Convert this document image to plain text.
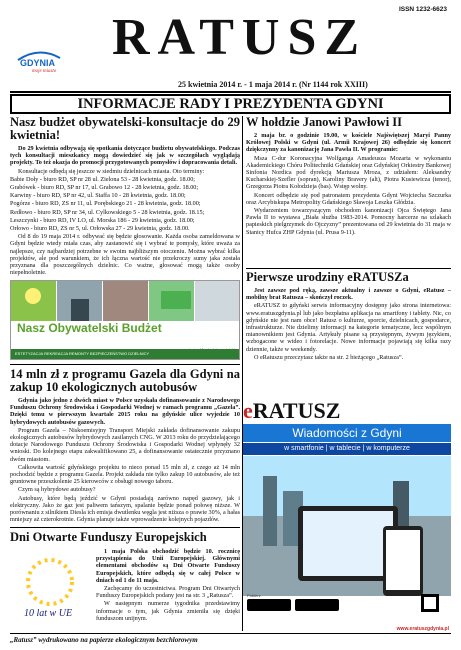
ISSN 1232-6623
GDYNIA
moje miasto
RATUSZ
25 kwietnia 2014 r. - 1 maja 2014 r. (Nr 1144 rok XXIII)
INFORMACJE RADY I PREZYDENTA GDYNI
Nasz budżet obywatelski-konsultacje do 29 kwietnia!

Do 29 kwietnia odbywają się spotkania dotyczące budżetu obywatelskiego. Podczas tych konsultacji mieszkańcy mogą dowiedzieć się jak w szczegółach wyglądają projekty. To też okazja do promocji przygotowanych pomysłów i dopracowania detali.

Konsultacje odbędą się jeszcze w siedmiu dzielnicach miasta. Oto terminy:

Babie Doły - biuro RD, SP nr 28 ul. Zielona 53 - 28 kwietnia, godz. 18.00;

Grabówek - biuro RD, SP nr 17, ul. Grabowo 12 - 28 kwietnia, godz. 18.00;

Karwiny - biuro RD, SP nr 42, ul. Staffa 10 - 28 kwietnia, godz. 18.00;

Pogórze - biuro RD, ZS nr 11, ul. Porębskiego 21 - 28 kwietnia, godz. 18.00;

Redłowo - biuro RD, SP nr 34, ul. Cylkowskiego 5 - 28 kwietnia, godz. 18.15;

Leszczynki - biuro RD, IV LO, ul. Morska 186 - 29 kwietnia, godz. 18.00;

Orłowo - biuro RD, ZS nr 5, ul. Orłowska 27 - 29 kwietnia, godz. 18.00.

Od 8 do 19 maja 2014 r. odbywać się będzie głosowanie. Każda osoba zameldowana w Gdyni będzie wtedy miała czas, aby zastanowić się i wybrać te pomysły, które uważa za najlepsze, czy najbardziej potrzebne w swoim najbliższym otoczeniu. Można wybrać kilka projektów, ale pod warunkiem, że ich łączna wartość nie przekroczy sumy jaka została przyznana dla poszczególnych dzielnic. Co ważne, głosować mogą także osoby niepełnoletnie.

Nasz Obywatelski Budżet
ESTETYZACJA REKREACJA REMONTY BEZPIECZEŃSTWO DZIELNICY
14 mln zł z programu Gazela dla Gdyni na zakup 10 ekologicznych autobusów

Gdynia jako jedno z dwóch miast w Polsce uzyskała dofinansowanie z Narodowego Funduszu Ochrony Środowiska i Gospodarki Wodnej w ramach programu „Gazela”. Dzięki temu w pierwszym kwartale 2015 roku na gdyńskie ulice wyjedzie 10 hybrydowych autobusów gazowych.

Program Gazela – Niskoemisyjny Transport Miejski zakłada dofinansowanie zakupu ekologicznych autobusów hybrydowych zasilanych CNG. W 2013 roku do przydzielającego dotacje Narodowego Funduszu Ochrony Środowiska i Gospodarki Wodnej wpłynęły 32 wnioski. Do kolejnego etapu zakwalifikowano 25, a dofinansowanie ostatecznie przyznano dwóm miastom.

Całkowita wartość gdyńskiego projektu to nieco ponad 15 mln zł, z czego aż 14 mln pochodzić będzie z programu Gazela. Projekt zakłada nie tylko zakup 10 autobusów, ale też gruntowne przeszkolenie 25 kierowców z obsługi nowego taboru.

Czym są hybrydowe autobusy?

Autobusy, które będą jeździć w Gdyni posiadają zarówno napęd gazowy, jak i elektryczny. Jako że gaz jest paliwem tańszym, spalanie będzie ponad połowę niższe. W porównaniu z silnikiem Diesla ich emisja dwutlenku węgla jest niższa o prawie 30%, a hałas mniejszy aż czterokrotnie. Gdynia planuje także wprowadzenie kolejnych pojazdów.

Dni Otwarte Funduszy Europejskich
10 lat w UE

1 maja Polska obchodzić będzie 10. rocznicę przystąpienia do Unii Europejskiej. Głównymi elementami obchodów są Dni Otwarte Funduszy Europejskich, które odbędą się w całej Polsce w dniach od 1 do 11 maja.

Zachęcamy do uczestnictwa. Program Dni Otwartych Funduszy Europejskich podany jest na str. 3 „Ratusza”.

W następnym numerze tygodnika przedstawimy informacje o tym, jak Gdynia zmieniła się dzięki funduszom unijnym.

W hołdzie Janowi Pawłowi II

2 maja br. o godzinie 19.00, w kościele Najświętszej Maryi Panny Królowej Polski w Gdyni (ul. Armii Krajowej 26) odbędzie się koncert dziękczynny za kanonizację Jana Pawła II. W programie:

Msza C-dur Koronacyjna Wolfganga Amadeusza Mozarta w wykonaniu Akademickiego Chóru Politechniki Gdańskiej oraz Gdyńskiej Orkiestry Bankowej Sinfonia Nordica pod dyrekcją Mariusza Mroza, z udziałem: Aleksandry Kucharskiej-Szefler (sopran), Karoliny Bravery (alt), Piotra Kusiewicza (tenor), Grzegorza Piotra Kołodzieja (bas). Wstęp wolny.

Koncert odbędzie się pod patronatem prezydenta Gdyni Wojciecha Szczurka oraz Arcybiskupa Metropolity Gdańskiego Sławoja Leszka Głódzia.

Wydarzeniem towarzyszącym obchodom kanonizacji Ojca Świętego Jana Pawła II to wystawa „Biała służba 1983-2014. Pomocny harcerze na szlakach papieskich pielgrzymek do Ojczyzny” prezentowana od 29 kwietnia do 31 maja w Stanicy Hufca ZHP Gdynia (ul. Prusa 9-11).

Pierwsze urodziny eRATUSZa

Jest zawsze pod ręką, zawsze aktualny i zawsze o Gdyni, eRatusz – mobilny brat Ratusza – skończył roczek.

eRATUSZ to gdyński serwis informacyjny dostępny jako strona internetowa: www.eratuszgdynia.pl lub jako bezpłatna aplikacja na smartfony i tablety. Nic, co gdyńskie nie jest nam obce! Ratusz o kulturze, sporcie, dzielnicach, gospodarce, infrastrukturze. Nie dzielimy informacji na kategorie tematyczne, lecz wspólnym mianownikiem jest Gdynia. Artykuły pisane są przystępnym, żywym językiem, wzbogacone w wideo i fotorelacje. Nowe informacje pojawiają się kilka razy dziennie, także w weekendy.

O eRatuszu przeczytasz także na str. 2 bieżącego „Ratusza”.

eRATUSZ
Wiadomości z Gdyni
w smartfonie | w tablecie | w komputerze
Pobierz
www.eratuszgdynia.pl
„Ratusz” wydrukowano na papierze ekologicznym bezchlorowym
